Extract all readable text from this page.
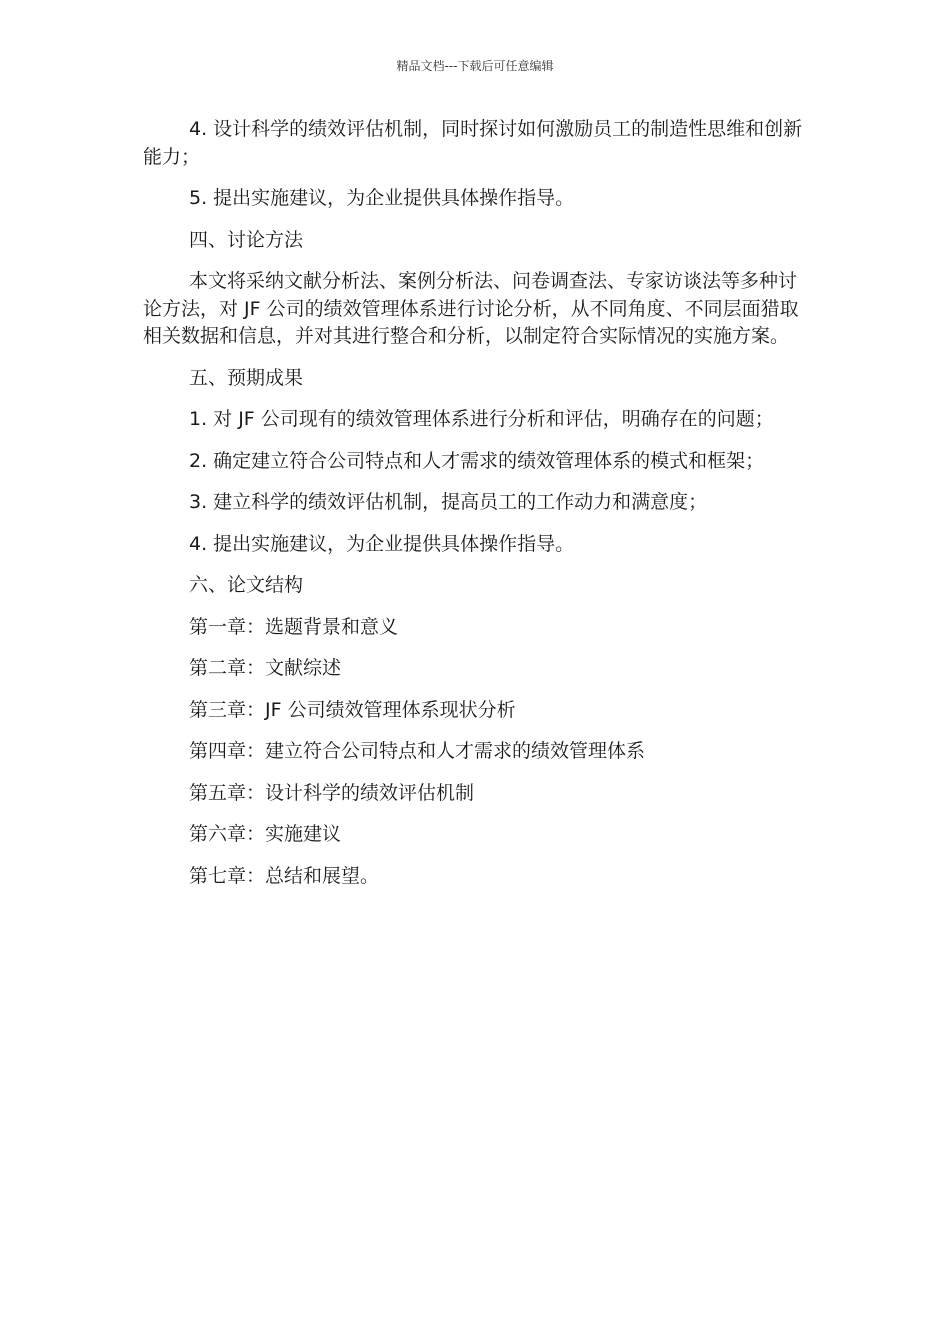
精品文档---下载后可任意编辑

4. 设计科学的绩效评估机制，同时探讨如何激励员工的制造性思维和创新能力；

5. 提出实施建议，为企业提供具体操作指导。

四、讨论方法

本文将采纳文献分析法、案例分析法、问卷调查法、专家访谈法等多种讨论方法，对 JF 公司的绩效管理体系进行讨论分析，从不同角度、不同层面猎取相关数据和信息，并对其进行整合和分析，以制定符合实际情况的实施方案。

五、预期成果

1. 对 JF 公司现有的绩效管理体系进行分析和评估，明确存在的问题；

2. 确定建立符合公司特点和人才需求的绩效管理体系的模式和框架；

3. 建立科学的绩效评估机制，提高员工的工作动力和满意度；

4. 提出实施建议，为企业提供具体操作指导。

六、论文结构

第一章：选题背景和意义

第二章：文献综述

第三章：JF 公司绩效管理体系现状分析

第四章：建立符合公司特点和人才需求的绩效管理体系

第五章：设计科学的绩效评估机制

第六章：实施建议

第七章：总结和展望。
